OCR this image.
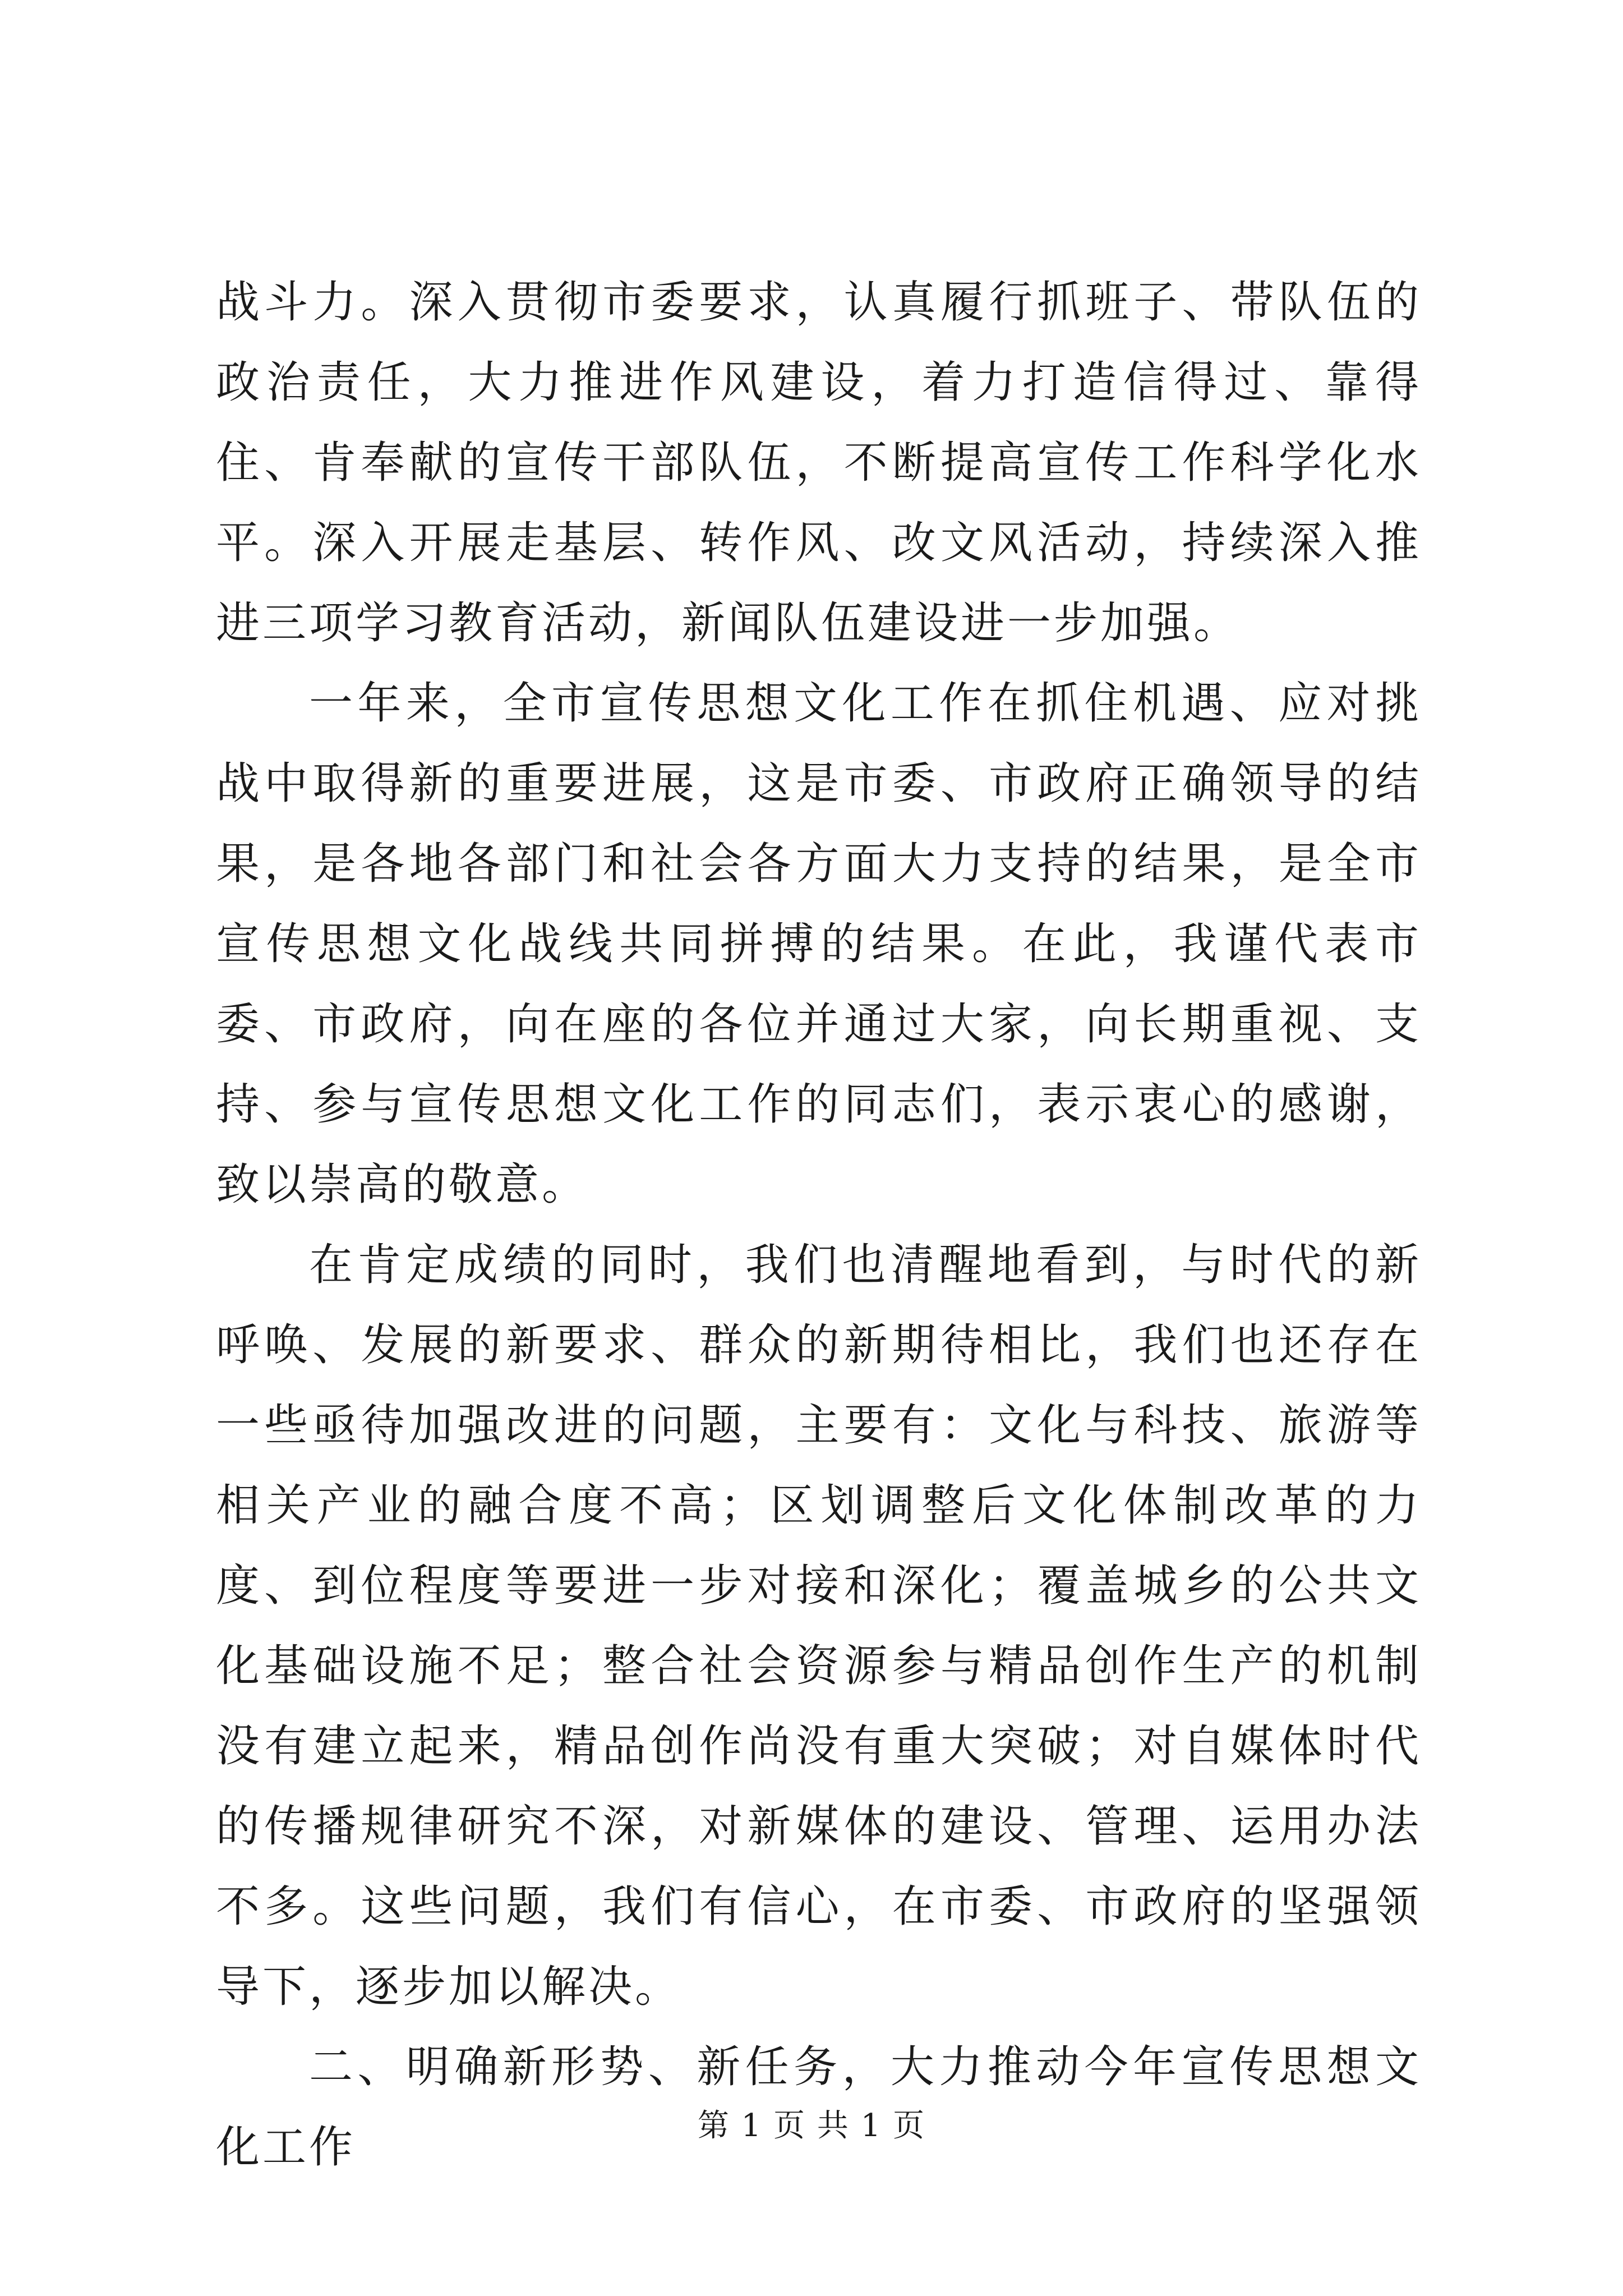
战斗力。深入贯彻市委要求，认真履行抓班子、带队伍的政治责任，大力推进作风建设，着力打造信得过、靠得住、肯奉献的宣传干部队伍，不断提高宣传工作科学化水平。深入开展走基层、转作风、改文风活动，持续深入推进三项学习教育活动，新闻队伍建设进一步加强。

一年来，全市宣传思想文化工作在抓住机遇、应对挑战中取得新的重要进展，这是市委、市政府正确领导的结果，是各地各部门和社会各方面大力支持的结果，是全市宣传思想文化战线共同拼搏的结果。在此，我谨代表市委、市政府，向在座的各位并通过大家，向长期重视、支持、参与宣传思想文化工作的同志们，表示衷心的感谢，致以崇高的敬意。

在肯定成绩的同时，我们也清醒地看到，与时代的新呼唤、发展的新要求、群众的新期待相比，我们也还存在一些亟待加强改进的问题，主要有：文化与科技、旅游等相关产业的融合度不高；区划调整后文化体制改革的力度、到位程度等要进一步对接和深化；覆盖城乡的公共文化基础设施不足；整合社会资源参与精品创作生产的机制没有建立起来，精品创作尚没有重大突破；对自媒体时代的传播规律研究不深，对新媒体的建设、管理、运用办法不多。这些问题，我们有信心，在市委、市政府的坚强领导下，逐步加以解决。

二、明确新形势、新任务，大力推动今年宣传思想文化工作	第 1 页 共 1 页
